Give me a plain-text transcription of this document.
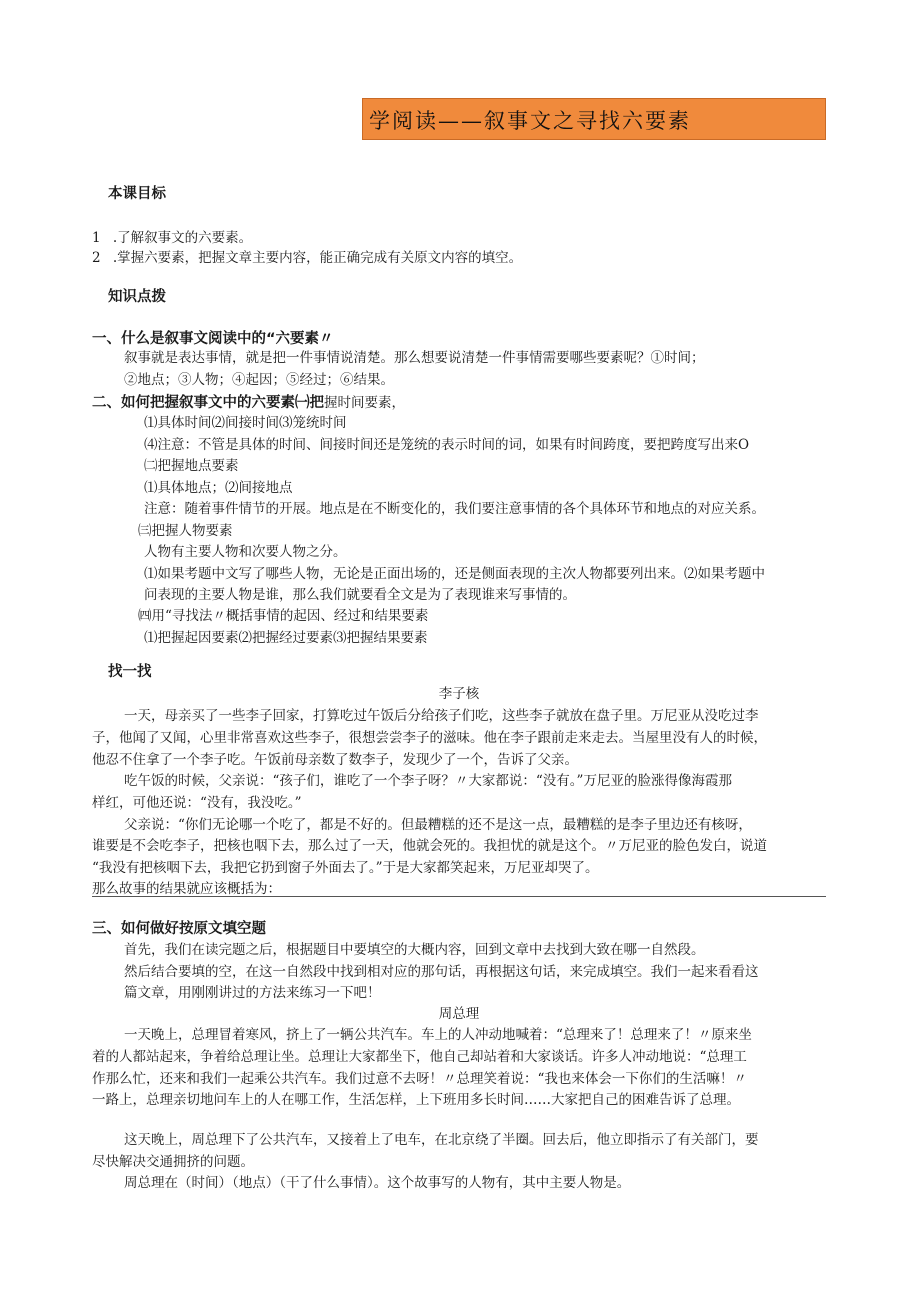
学阅读——叙事文之寻找六要素
本课目标
1 .了解叙事文的六要素。
2 .掌握六要素，把握文章主要内容，能正确完成有关原文内容的填空。
知识点拨
一、什么是叙事文阅读中的“六要素〃
叙事就是表达事情，就是把一件事情说清楚。那么想要说清楚一件事情需要哪些要素呢？①时间；
②地点；③人物；④起因；⑤经过；⑥结果。
二、如何把握叙事文中的六要素㈠把握时间要素，
⑴具体时间⑵间接时间⑶笼统时间
⑷注意：不管是具体的时间、间接时间还是笼统的表示时间的词，如果有时间跨度，要把跨度写出来O
㈡把握地点要素
⑴具体地点；⑵间接地点
注意：随着事件情节的开展。地点是在不断变化的，我们要注意事情的各个具体环节和地点的对应关系。
㈢把握人物要素
人物有主要人物和次要人物之分。
⑴如果考题中文写了哪些人物，无论是正面出场的，还是侧面表现的主次人物都要列出来。⑵如果考题中
问表现的主要人物是谁，那么我们就要看全文是为了表现谁来写事情的。
㈣用“寻找法〃概括事情的起因、经过和结果要素
⑴把握起因要素⑵把握经过要素⑶把握结果要素
找一找
李子核
一天，母亲买了一些李子回家，打算吃过午饭后分给孩子们吃，这些李子就放在盘子里。万尼亚从没吃过李
子，他闻了又闻，心里非常喜欢这些李子，很想尝尝李子的滋味。他在李子跟前走来走去。当屋里没有人的时候，
他忍不住拿了一个李子吃。午饭前母亲数了数李子，发现少了一个，告诉了父亲。
吃午饭的时候，父亲说：“孩子们，谁吃了一个李子呀？〃大家都说：“没有。”万尼亚的脸涨得像海霞那
样红，可他还说：“没有，我没吃。”
父亲说：“你们无论哪一个吃了，都是不好的。但最糟糕的还不是这一点，最糟糕的是李子里边还有核呀，
谁要是不会吃李子，把核也咽下去，那么过了一天，他就会死的。我担忧的就是这个。〃万尼亚的脸色发白，说道
“我没有把核咽下去，我把它扔到窗子外面去了。”于是大家都笑起来，万尼亚却哭了。
那么故事的结果就应该概括为：
三、如何做好按原文填空题
首先，我们在读完题之后，根据题目中要填空的大概内容，回到文章中去找到大致在哪一自然段。
然后结合要填的空，在这一自然段中找到相对应的那句话，再根据这句话，来完成填空。我们一起来看看这
篇文章，用刚刚讲过的方法来练习一下吧！
周总理
一天晚上，总理冒着寒风，挤上了一辆公共汽车。车上的人冲动地喊着：“总理来了！总理来了！〃原来坐
着的人都站起来，争着给总理让坐。总理让大家都坐下，他自己却站着和大家谈话。许多人冲动地说：“总理工
作那么忙，还来和我们一起乘公共汽车。我们过意不去呀！〃总理笑着说：“我也来体会一下你们的生活嘛！〃
一路上，总理亲切地问车上的人在哪工作，生活怎样，上下班用多长时间……大家把自己的困难告诉了总理。
这天晚上，周总理下了公共汽车，又接着上了电车，在北京绕了半圈。回去后，他立即指示了有关部门，要
尽快解决交通拥挤的问题。
周总理在（时间）（地点）（干了什么事情）。这个故事写的人物有，其中主要人物是。
